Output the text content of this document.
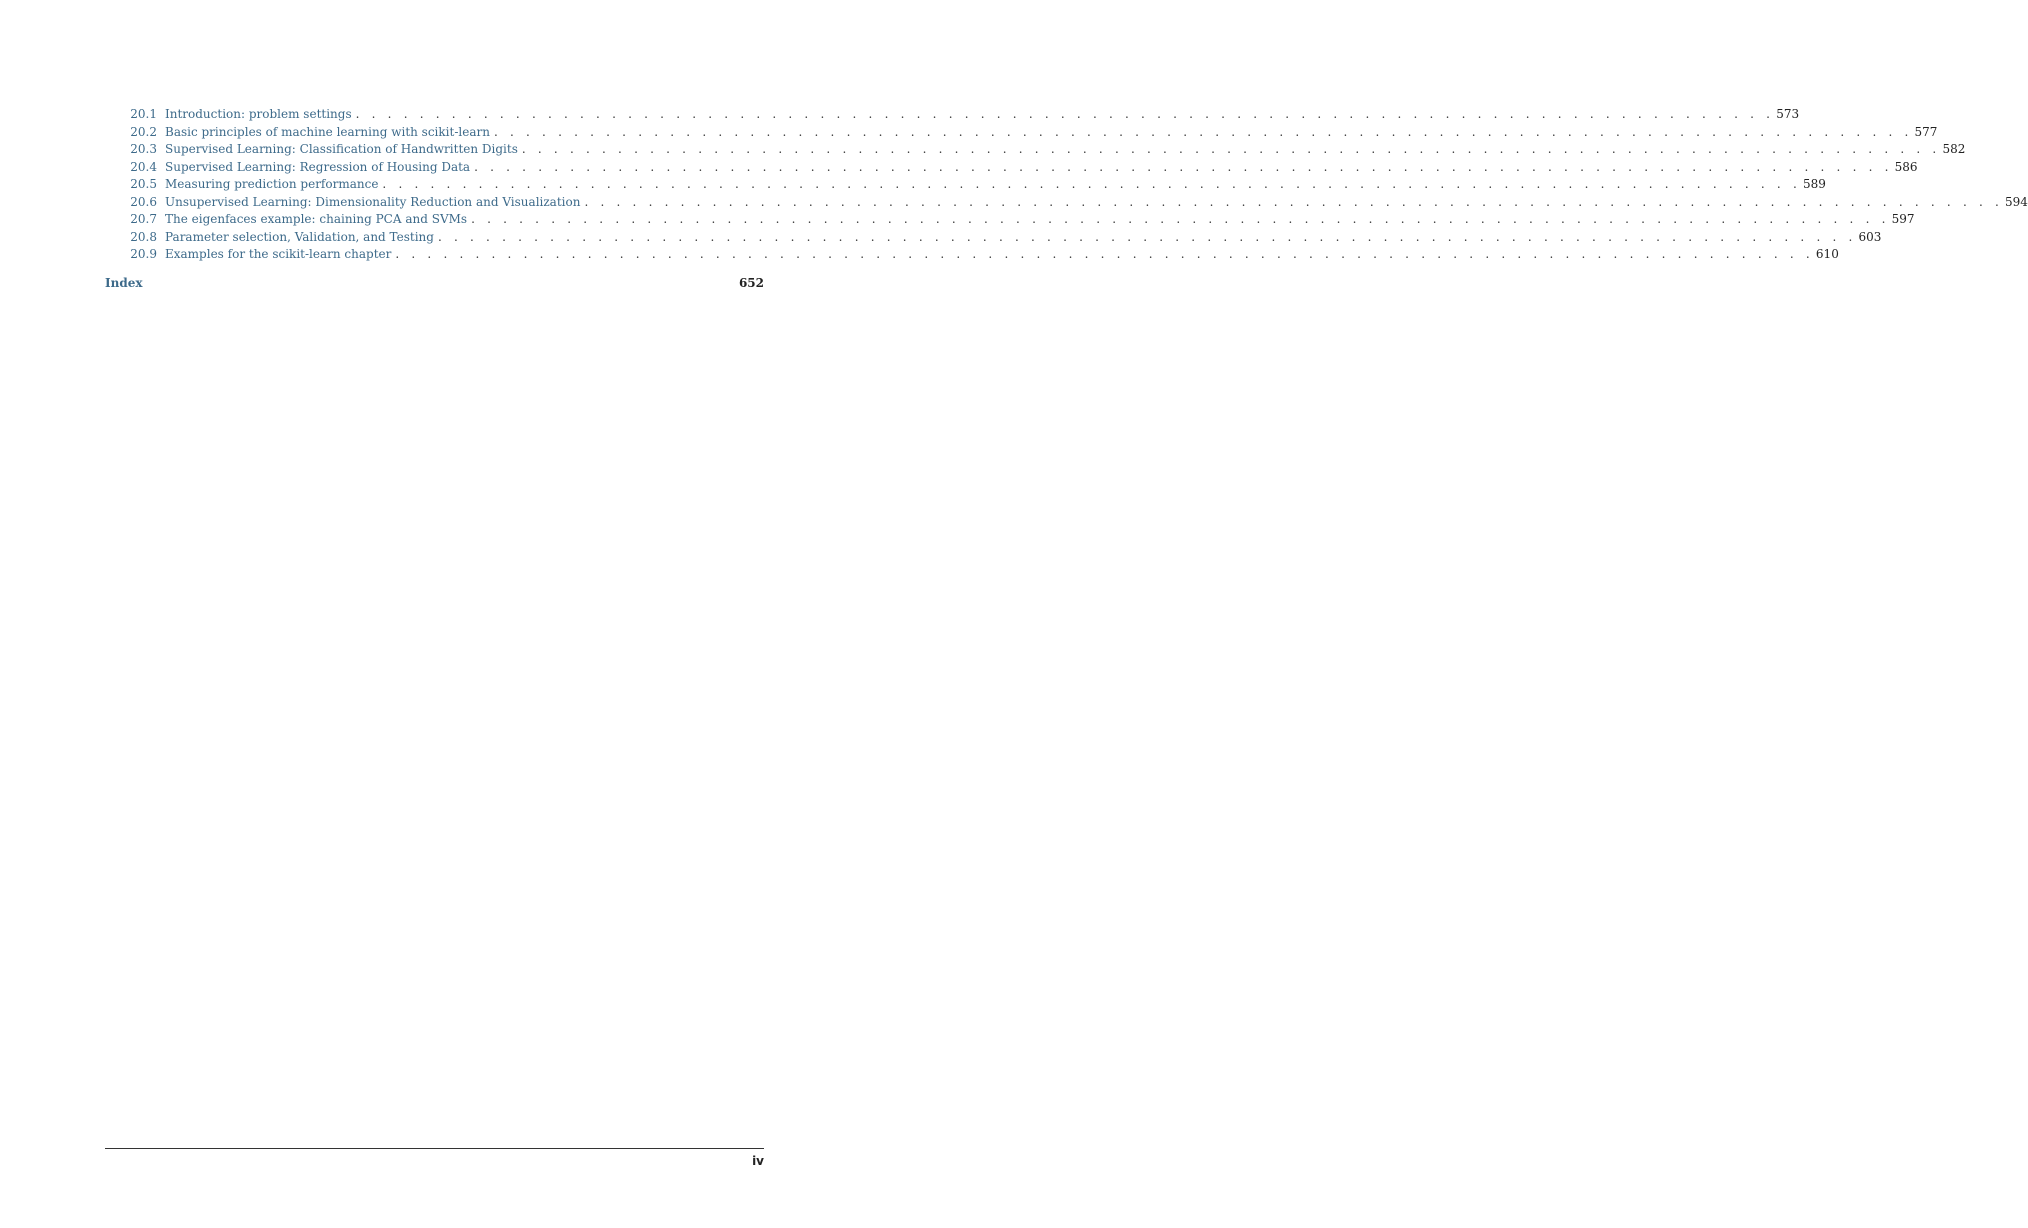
20.1 Introduction: problem settings . . . . . . . . . . . . . . . . . . . . . . . . . . . . . . . . . . . . . . . . . . . . . . . . . . . . . . . . . . . . . . . . . . . . . . . . . . . . . . . . . . . . . . . . . 573
20.2 Basic principles of machine learning with scikit-learn . . . . . . . . . . . . . . . . . . . . . . . . . . . . . . . . . . . . . . . . . . . . . . . . . . . . . . . . . . . . . . . . . . . . . . . . . . . . . . . . . . . . . . . . . 577
20.3 Supervised Learning: Classification of Handwritten Digits . . . . . . . . . . . . . . . . . . . . . . . . . . . . . . . . . . . . . . . . . . . . . . . . . . . . . . . . . . . . . . . . . . . . . . . . . . . . . . . . . . . . . . . . . 582
20.4 Supervised Learning: Regression of Housing Data . . . . . . . . . . . . . . . . . . . . . . . . . . . . . . . . . . . . . . . . . . . . . . . . . . . . . . . . . . . . . . . . . . . . . . . . . . . . . . . . . . . . . . . . . 586
20.5 Measuring prediction performance . . . . . . . . . . . . . . . . . . . . . . . . . . . . . . . . . . . . . . . . . . . . . . . . . . . . . . . . . . . . . . . . . . . . . . . . . . . . . . . . . . . . . . . . . 589
20.6 Unsupervised Learning: Dimensionality Reduction and Visualization . . . . . . . . . . . . . . . . . . . . . . . . . . . . . . . . . . . . . . . . . . . . . . . . . . . . . . . . . . . . . . . . . . . . . . . . . . . . . . . . . . . . . . . . . 594
20.7 The eigenfaces example: chaining PCA and SVMs . . . . . . . . . . . . . . . . . . . . . . . . . . . . . . . . . . . . . . . . . . . . . . . . . . . . . . . . . . . . . . . . . . . . . . . . . . . . . . . . . . . . . . . . . 597
20.8 Parameter selection, Validation, and Testing . . . . . . . . . . . . . . . . . . . . . . . . . . . . . . . . . . . . . . . . . . . . . . . . . . . . . . . . . . . . . . . . . . . . . . . . . . . . . . . . . . . . . . . . . 603
20.9 Examples for the scikit-learn chapter . . . . . . . . . . . . . . . . . . . . . . . . . . . . . . . . . . . . . . . . . . . . . . . . . . . . . . . . . . . . . . . . . . . . . . . . . . . . . . . . . . . . . . . . . 610
Index	652
iv
